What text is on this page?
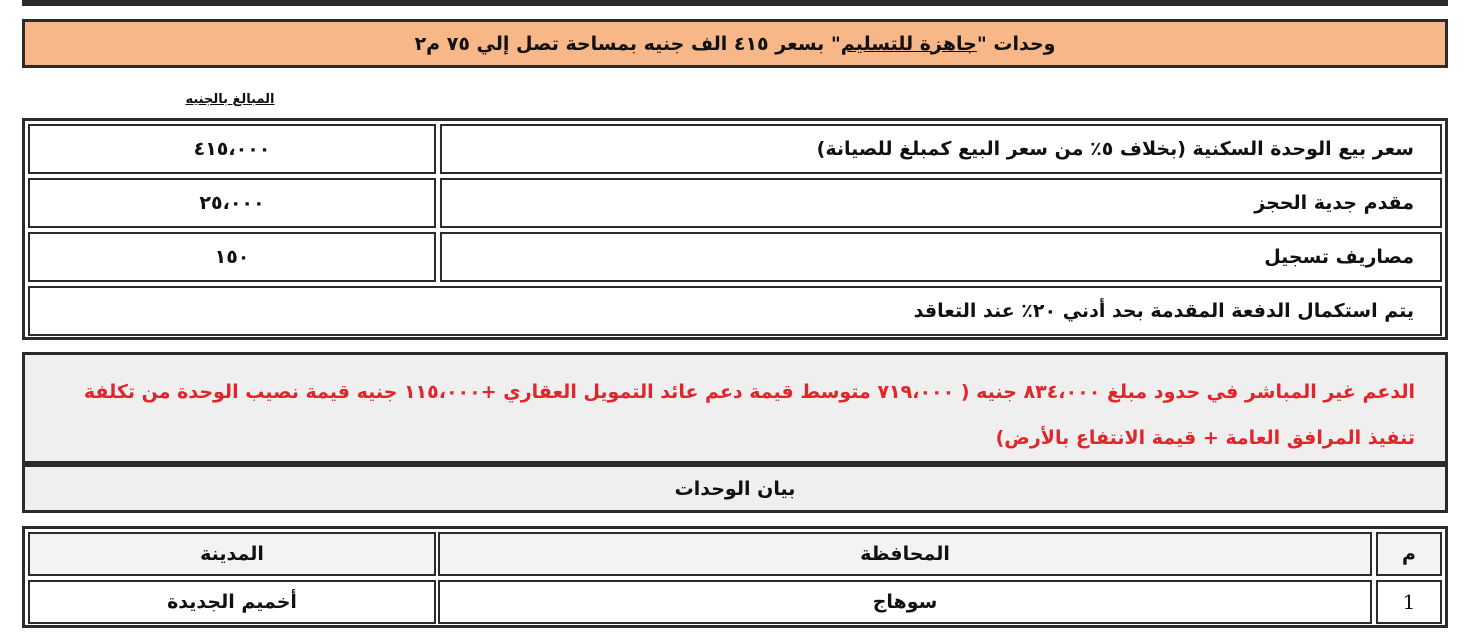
وحدات "جاهزة للتسليم" بسعر ٤١٥ الف جنيه بمساحة تصل إلي ٧٥ م٢
المبالغ بالجنيه
سعر بيع الوحدة السكنية (بخلاف ٥٪ من سعر البيع كمبلغ للصيانة)
٤١٥،٠٠٠
مقدم جدية الحجز
٢٥،٠٠٠
مصاريف تسجيل
١٥٠
يتم استكمال الدفعة المقدمة بحد أدني ٢٠٪ عند التعاقد
الدعم غير المباشر في حدود مبلغ ٨٣٤،٠٠٠ جنيه ( ٧١٩،٠٠٠ متوسط قيمة دعم عائد التمويل العقاري +١١٥،٠٠٠ جنيه قيمة نصيب الوحدة من تكلفة تنفيذ المرافق العامة + قيمة الانتفاع بالأرض)
بيان الوحدات
م
المحافظة
المدينة
1
سوهاج
أخميم الجديدة
